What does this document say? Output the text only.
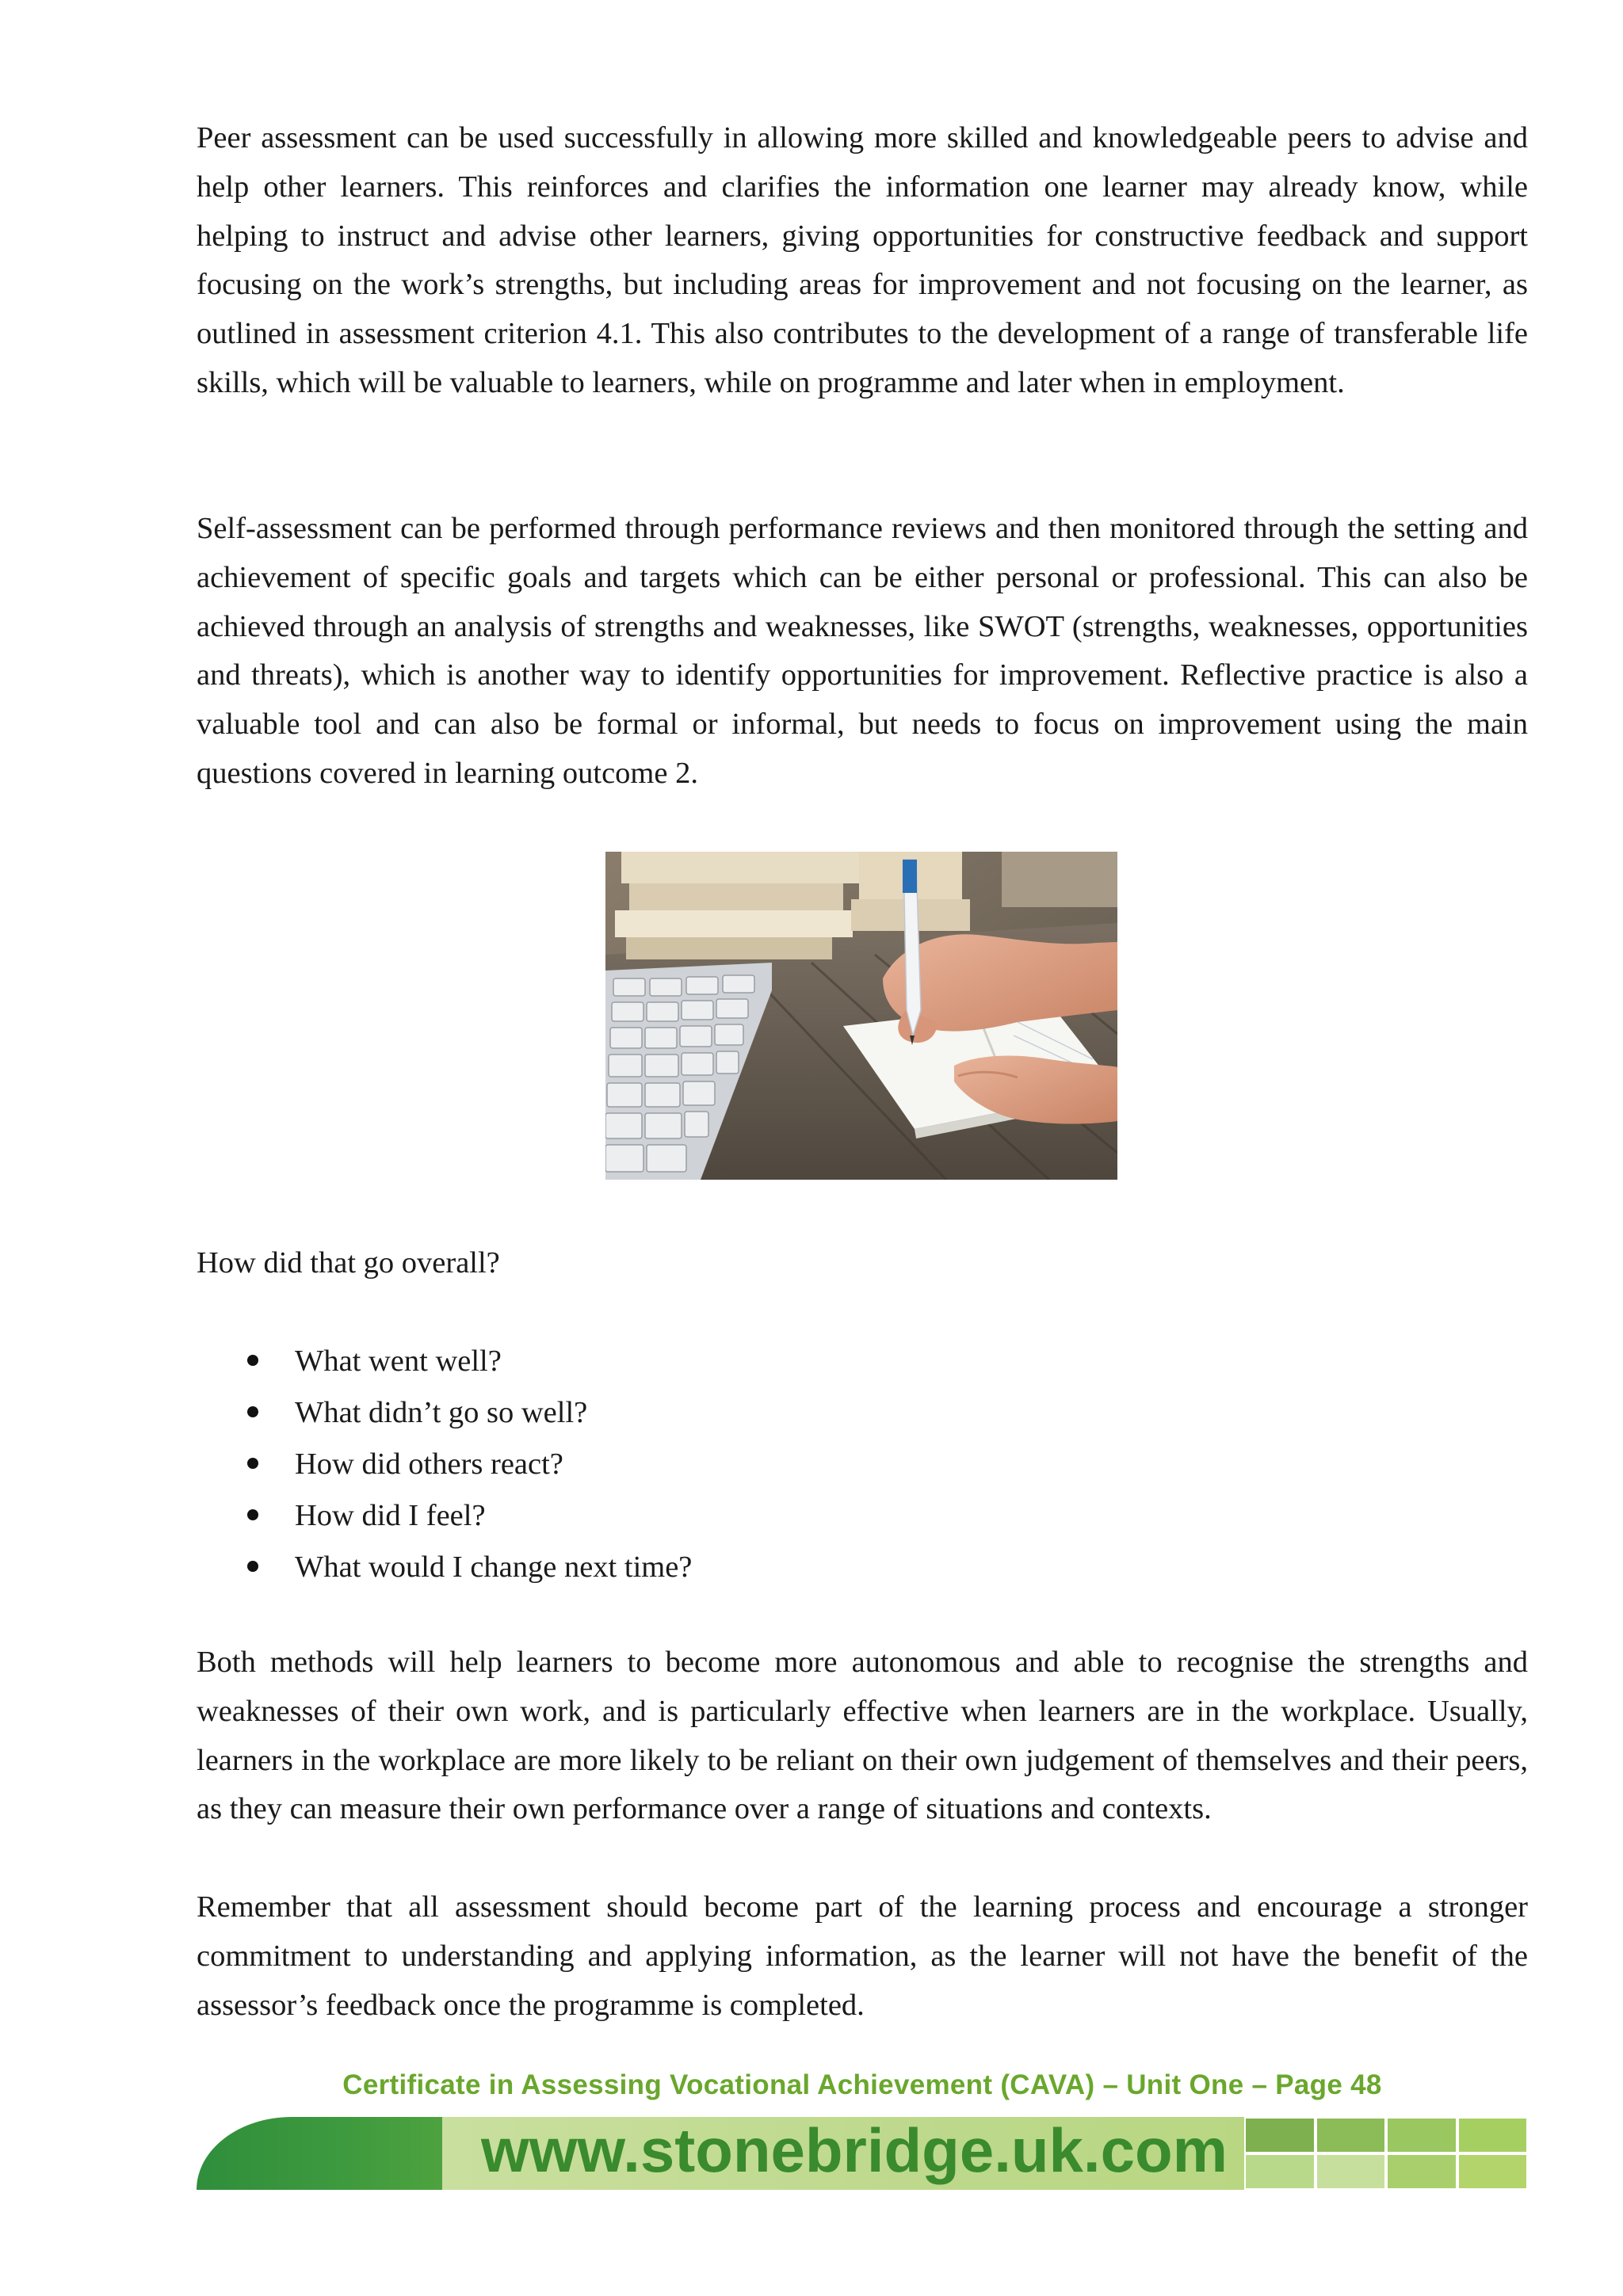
Peer assessment can be used successfully in allowing more skilled and knowledgeable peers to advise and help other learners. This reinforces and clarifies the information one learner may already know, while helping to instruct and advise other learners, giving opportunities for constructive feedback and support focusing on the work’s strengths, but including areas for improvement and not focusing on the learner, as outlined in assessment criterion 4.1. This also contributes to the development of a range of transferable life skills, which will be valuable to learners, while on programme and later when in employment.

Self-assessment can be performed through performance reviews and then monitored through the setting and achievement of specific goals and targets which can be either personal or professional. This can also be achieved through an analysis of strengths and weaknesses, like SWOT (strengths, weaknesses, opportunities and threats), which is another way to identify opportunities for improvement. Reflective practice is also a valuable tool and can also be formal or informal, but needs to focus on improvement using the main questions covered in learning outcome 2.

How did that go overall?

What went well?
What didn’t go so well?
How did others react?
How did I feel?
What would I change next time?

Both methods will help learners to become more autonomous and able to recognise the strengths and weaknesses of their own work, and is particularly effective when learners are in the workplace. Usually, learners in the workplace are more likely to be reliant on their own judgement of themselves and their peers, as they can measure their own performance over a range of situations and contexts.

Remember that all assessment should become part of the learning process and encourage a stronger commitment to understanding and applying information, as the learner will not have the benefit of the assessor’s feedback once the programme is completed.

Certificate in Assessing Vocational Achievement (CAVA) – Unit One – Page 48
www.stonebridge.uk.com
